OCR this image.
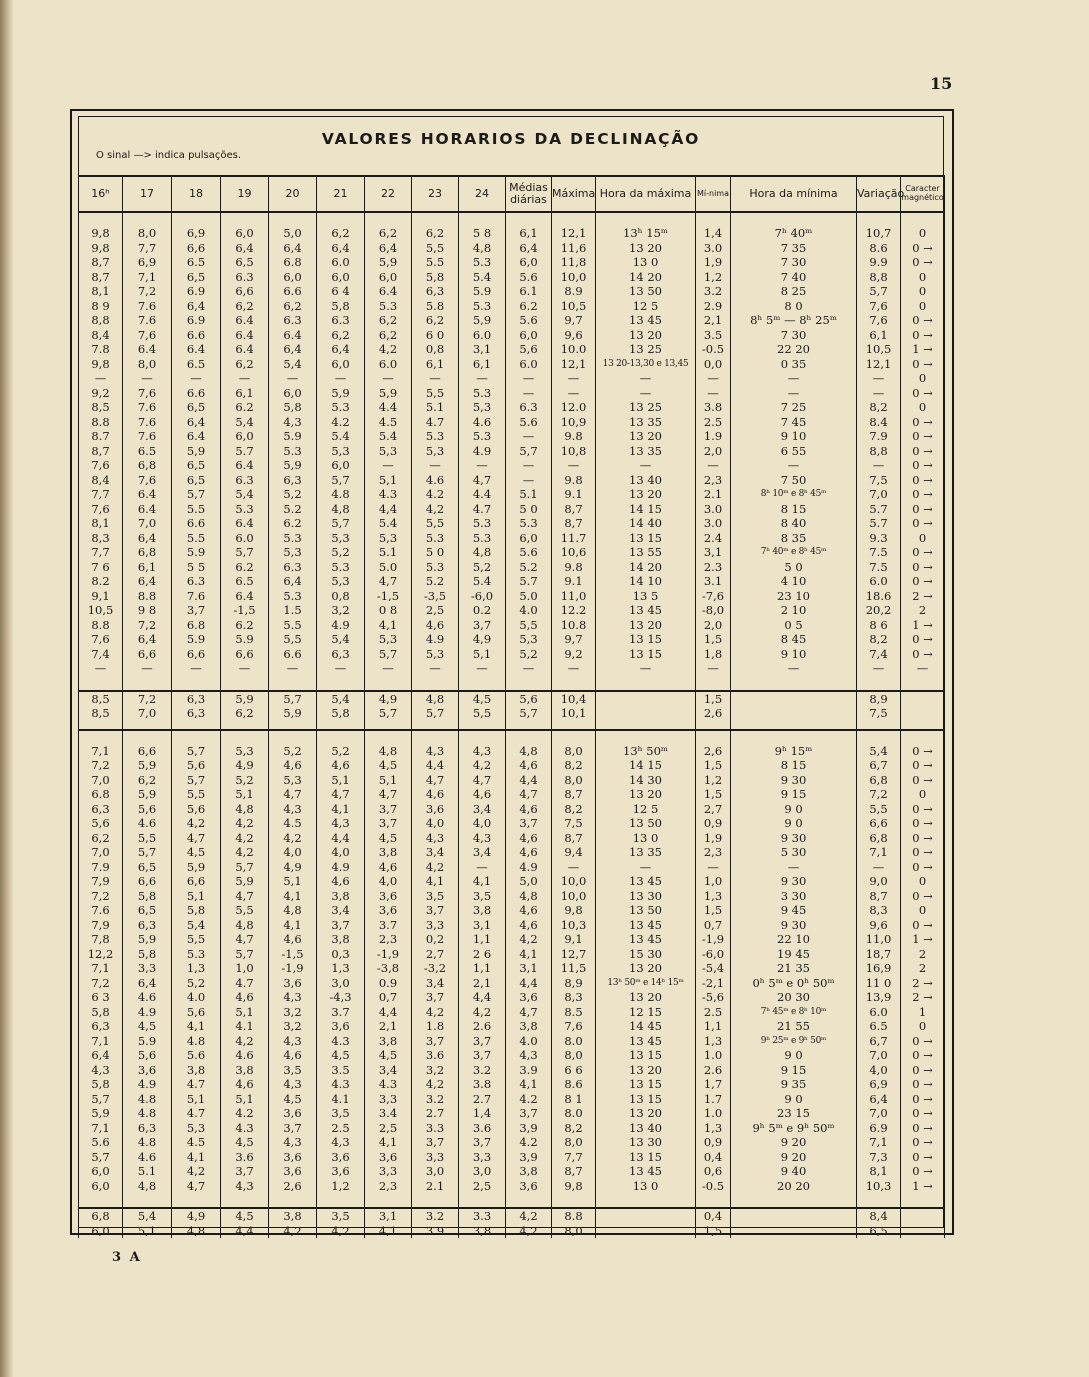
15
VALORES HORARIOS DA DECLINAÇÃO
O sinal —> indica pulsações.
16ʰ	17	18	19	20	21	22	23	24	Médias diárias	Máxima	Hora da máxima	Mí-nima	Hora da mínima	Variação	Caracter magnético

9,8	8,0	6,9	6,0	5,0	6,2	6,2	6,2	5 8	6,1	12,1	13ʰ 15ᵐ	1,4	7ʰ 40ᵐ	10,7	0
9,8	7,7	6,6	6,4	6,4	6,4	6,4	5,5	4,8	6,4	11,6	13 20	3.0	7 35	8.6	0 →
8,7	6,9	6.5	6,5	6.8	6.0	5,9	5.5	5.3	6,0	11,8	13 0	1,9	7 30	9.9	0 →
8,7	7,1	6,5	6.3	6,0	6,0	6,0	5,8	5.4	5.6	10,0	14 20	1,2	7 40	8,8	0
8,1	7,2	6.9	6,6	6.6	6 4	6.4	6,3	5.9	6.1	8.9	13 50	3.2	8 25	5,7	0
8 9	7.6	6,4	6,2	6,2	5,8	5.3	5.8	5.3	6.2	10,5	12 5	2.9	8 0	7,6	0
8,8	7.6	6.9	6.4	6.3	6.3	6,2	6,2	5,9	5.6	9,7	13 45	2,1	8ʰ 5ᵐ — 8ʰ 25ᵐ	7,6	0 →
8,4	7,6	6.6	6.4	6.4	6,2	6,2	6 0	6.0	6,0	9,6	13 20	3.5	7 30	6,1	0 →
7.8	6.4	6.4	6.4	6,4	6,4	4,2	0,8	3,1	5,6	10.0	13 25	-0.5	22 20	10,5	1 →
9,8	8,0	6.5	6,2	5,4	6,0	6.0	6,1	6,1	6.0	12,1	13 20-13,30 e 13,45	0,0	0 35	12,1	0 →
—	—	—	—	—	—	—	—	—	—	—	—	—	—	—	0
9,2	7,6	6.6	6,1	6,0	5,9	5,9	5,5	5.3	—	—	—	—	—	—	0 →
8,5	7.6	6,5	6.2	5,8	5.3	4.4	5.1	5,3	6.3	12.0	13 25	3.8	7 25	8,2	0
8.8	7.6	6,4	5,4	4,3	4.2	4.5	4.7	4.6	5.6	10,9	13 35	2.5	7 45	8.4	0 →
8.7	7.6	6.4	6,0	5.9	5.4	5.4	5.3	5.3	—	9.8	13 20	1.9	9 10	7.9	0 →
8,7	6.5	5,9	5.7	5.3	5,3	5,3	5,3	4.9	5,7	10,8	13 35	2,0	6 55	8,8	0 →
7,6	6,8	6,5	6.4	5,9	6,0	—	—	—	—	—	—	—	—	—	0 →
8,4	7,6	6,5	6.3	6,3	5,7	5,1	4.6	4,7	—	9.8	13 40	2,3	7 50	7,5	0 →
7,7	6.4	5,7	5,4	5,2	4.8	4.3	4.2	4.4	5.1	9.1	13 20	2.1	8ʰ 10ᵐ e 8ʰ 45ᵐ	7,0	0 →
7,6	6.4	5.5	5.3	5.2	4,8	4,4	4,2	4.7	5 0	8,7	14 15	3.0	8 15	5.7	0 →
8,1	7,0	6.6	6.4	6.2	5,7	5.4	5,5	5.3	5.3	8,7	14 40	3.0	8 40	5.7	0 →
8,3	6,4	5.5	6.0	5.3	5,3	5,3	5.3	5.3	6,0	11.7	13 15	2.4	8 35	9.3	0
7,7	6,8	5.9	5,7	5,3	5,2	5.1	5 0	4,8	5.6	10,6	13 55	3,1	7ʰ 40ᵐ e 8ʰ 45ᵐ	7.5	0 →
7 6	6,1	5 5	6.2	6.3	5.3	5.0	5.3	5,2	5.2	9.8	14 20	2.3	5 0	7.5	0 →
8.2	6,4	6.3	6.5	6,4	5,3	4,7	5.2	5.4	5.7	9.1	14 10	3.1	4 10	6.0	0 →
9,1	8.8	7.6	6.4	5.3	0,8	-1,5	-3,5	-6,0	5.0	11,0	13 5	-7,6	23 10	18.6	2 →
10,5	9 8	3,7	-1,5	1.5	3,2	0 8	2,5	0.2	4.0	12.2	13 45	-8,0	2 10	20,2	2
8.8	7,2	6.8	6.2	5.5	4.9	4,1	4,6	3,7	5,5	10.8	13 20	2,0	0 5	8 6	1 →
7,6	6,4	5.9	5.9	5,5	5,4	5,3	4.9	4,9	5,3	9,7	13 15	1,5	8 45	8,2	0 →
7,4	6,6	6,6	6,6	6.6	6,3	5,7	5,3	5,1	5,2	9,2	13 15	1,8	9 10	7,4	0 →
—	—	—	—	—	—	—	—	—	—	—	—	—	—	—	—

8,5	7,2	6,3	5,9	5,7	5,4	4,9	4,8	4,5	5,6	10,4		1,5		8,9	
8,5	7,0	6,3	6,2	5,9	5,8	5,7	5,7	5,5	5,7	10,1		2,6		7,5	

7,1	6,6	5,7	5,3	5,2	5,2	4,8	4,3	4,3	4,8	8,0	13ʰ 50ᵐ	2,6	9ʰ 15ᵐ	5,4	0 →
7,2	5,9	5,6	4,9	4,6	4,6	4,5	4,4	4,2	4,6	8,2	14 15	1,5	8 15	6,7	0 →
7,0	6,2	5,7	5,2	5,3	5,1	5,1	4,7	4,7	4,4	8,0	14 30	1,2	9 30	6,8	0 →
6.8	5,9	5,5	5,1	4,7	4,7	4,7	4,6	4,6	4,7	8,7	13 20	1,5	9 15	7,2	0
6,3	5,6	5,6	4,8	4,3	4,1	3,7	3,6	3,4	4,6	8,2	12 5	2,7	9 0	5,5	0 →
5,6	4.6	4,2	4,2	4.5	4,3	3,7	4,0	4,0	3,7	7,5	13 50	0,9	9 0	6,6	0 →
6,2	5,5	4,7	4,2	4,2	4,4	4,5	4,3	4,3	4,6	8,7	13 0	1,9	9 30	6,8	0 →
7,0	5,7	4,5	4,2	4,0	4,0	3,8	3,4	3,4	4,6	9,4	13 35	2,3	5 30	7,1	0 →
7.9	6,5	5,9	5,7	4,9	4.9	4,6	4,2	—	4.9	—	—	—	—	—	0 →
7,9	6,6	6,6	5,9	5,1	4,6	4,0	4,1	4,1	5,0	10,0	13 45	1,0	9 30	9,0	0
7,2	5,8	5,1	4,7	4,1	3,8	3,6	3,5	3,5	4,8	10,0	13 30	1,3	3 30	8,7	0 →
7.6	6,5	5,8	5,5	4,8	3,4	3,6	3,7	3,8	4,6	9,8	13 50	1,5	9 45	8,3	0
7,9	6,3	5,4	4,8	4,1	3,7	3.7	3,3	3,1	4,6	10,3	13 45	0,7	9 30	9,6	0 →
7,8	5,9	5,5	4,7	4,6	3,8	2,3	0,2	1,1	4,2	9,1	13 45	-1,9	22 10	11,0	1 →
12,2	5,8	5.3	5,7	-1,5	0,3	-1,9	2,7	2 6	4,1	12,7	15 30	-6,0	19 45	18,7	2
7,1	3,3	1,3	1,0	-1,9	1,3	-3,8	-3,2	1,1	3,1	11,5	13 20	-5,4	21 35	16,9	2
7,2	6,4	5,2	4.7	3,6	3,0	0.9	3,4	2,1	4,4	8,9	13ʰ 50ᵐ e 14ʰ 15ᵐ	-2,1	0ʰ 5ᵐ e 0ʰ 50ᵐ	11 0	2 →
6 3	4.6	4.0	4,6	4,3	-4,3	0,7	3,7	4,4	3,6	8,3	13 20	-5,6	20 30	13,9	2 →
5,8	4.9	5,6	5,1	3,2	3.7	4,4	4,2	4,2	4,7	8.5	12 15	2.5	7ʰ 45ᵐ e 8ʰ 10ᵐ	6.0	1
6,3	4,5	4,1	4.1	3,2	3,6	2,1	1.8	2.6	3,8	7,6	14 45	1,1	21 55	6.5	0
7,1	5.9	4.8	4,2	4,3	4.3	3,8	3,7	3,7	4.0	8.0	13 45	1,3	9ʰ 25ᵐ e 9ʰ 50ᵐ	6,7	0 →
6,4	5,6	5.6	4.6	4,6	4,5	4,5	3.6	3,7	4,3	8,0	13 15	1.0	9 0	7,0	0 →
4,3	3,6	3,8	3,8	3,5	3.5	3,4	3,2	3.2	3.9	6 6	13 20	2.6	9 15	4,0	0 →
5,8	4.9	4.7	4,6	4,3	4.3	4.3	4,2	3.8	4,1	8.6	13 15	1,7	9 35	6,9	0 →
5,7	4.8	5,1	5,1	4,5	4.1	3,3	3.2	2.7	4.2	8 1	13 15	1.7	9 0	6,4	0 →
5,9	4.8	4.7	4.2	3,6	3,5	3.4	2.7	1,4	3,7	8.0	13 20	1.0	23 15	7,0	0 →
7,1	6,3	5,3	4.3	3,7	2.5	2,5	3.3	3.6	3,9	8,2	13 40	1,3	9ʰ 5ᵐ e 9ʰ 50ᵐ	6.9	0 →
5.6	4.8	4.5	4,5	4,3	4,3	4,1	3,7	3,7	4.2	8,0	13 30	0,9	9 20	7,1	0 →
5,7	4.6	4,1	3.6	3,6	3,6	3,6	3,3	3,3	3,9	7,7	13 15	0,4	9 20	7,3	0 →
6,0	5.1	4,2	3,7	3,6	3,6	3,3	3,0	3,0	3,8	8,7	13 45	0,6	9 40	8,1	0 →
6,0	4,8	4,7	4,3	2,6	1,2	2,3	2.1	2,5	3,6	9,8	13 0	-0.5	20 20	10,3	1 →

6,8	5,4	4,9	4,5	3,8	3,5	3,1	3.2	3.3	4,2	8.8		0,4		8,4	
6,0	5,1	4,8	4,4	4,2	4,2	4,1	3.9	3,8	4,2	8,0		1,5		6,5	
3 A
